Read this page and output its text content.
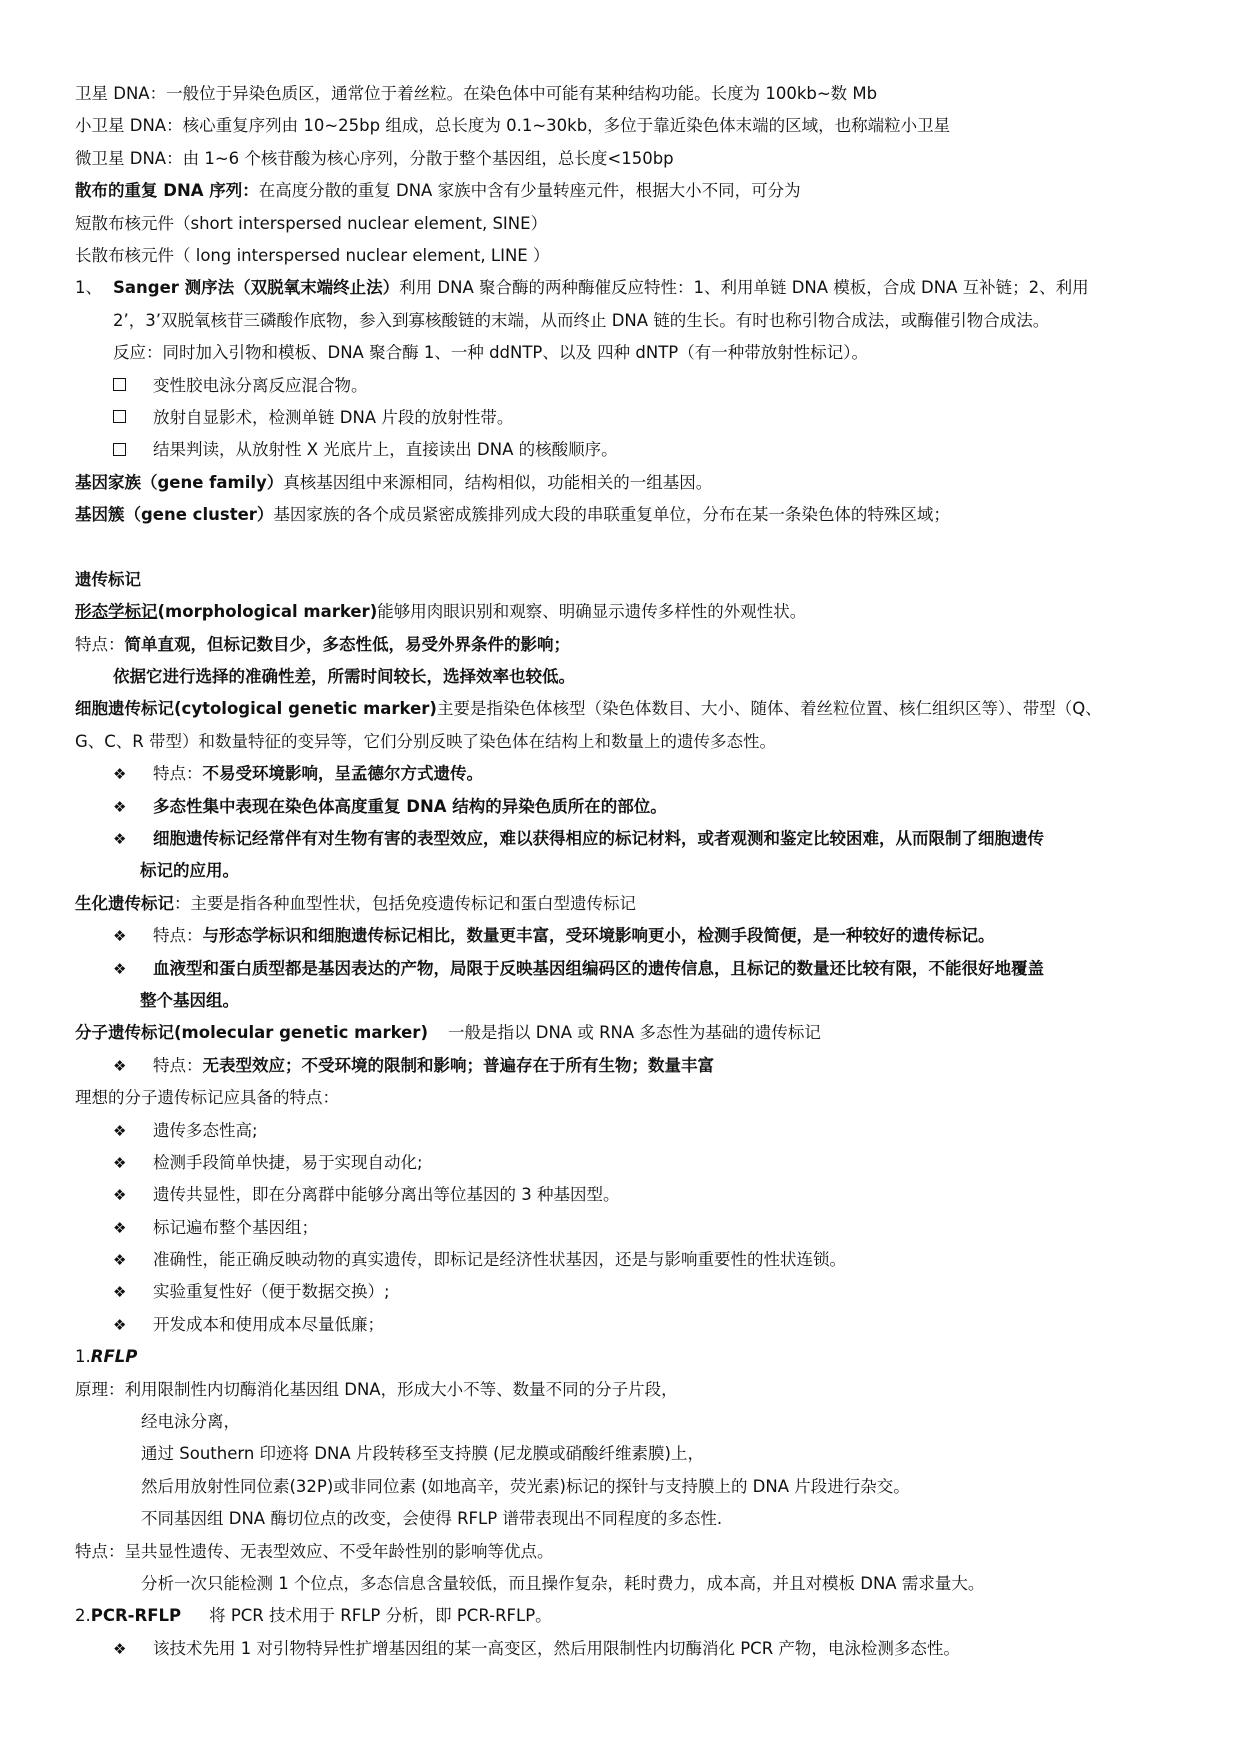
卫星 DNA：一般位于异染色质区，通常位于着丝粒。在染色体中可能有某种结构功能。长度为 100kb~数 Mb
小卫星 DNA：核心重复序列由 10~25bp 组成，总长度为 0.1~30kb，多位于靠近染色体末端的区域，也称端粒小卫星
微卫星 DNA：由 1~6 个核苷酸为核心序列，分散于整个基因组，总长度<150bp
散布的重复 DNA 序列：在高度分散的重复 DNA 家族中含有少量转座元件，根据大小不同，可分为
短散布核元件（short interspersed nuclear element, SINE）
长散布核元件（ long interspersed nuclear element, LINE ）
1、 Sanger 测序法（双脱氧末端终止法）利用 DNA 聚合酶的两种酶催反应特性：1、利用单链 DNA 模板，合成 DNA 互补链；2、利用
2’，3’双脱氧核苷三磷酸作底物，参入到寡核酸链的末端，从而终止 DNA 链的生长。有时也称引物合成法，或酶催引物合成法。
反应：同时加入引物和模板、DNA 聚合酶 1、一种 ddNTP、以及 四种 dNTP（有一种带放射性标记）。
变性胶电泳分离反应混合物。
放射自显影术，检测单链 DNA 片段的放射性带。
结果判读，从放射性 X 光底片上，直接读出 DNA 的核酸顺序。
基因家族（gene family）真核基因组中来源相同，结构相似，功能相关的一组基因。
基因簇（gene cluster）基因家族的各个成员紧密成簇排列成大段的串联重复单位，分布在某一条染色体的特殊区域；
遗传标记
形态学标记(morphological marker)能够用肉眼识别和观察、明确显示遗传多样性的外观性状。
特点：简单直观，但标记数目少，多态性低，易受外界条件的影响；
依据它进行选择的准确性差，所需时间较长，选择效率也较低。
细胞遗传标记(cytological genetic marker)主要是指染色体核型（染色体数目、大小、随体、着丝粒位置、核仁组织区等）、带型（Q、
G、C、R 带型）和数量特征的变异等，它们分别反映了染色体在结构上和数量上的遗传多态性。
❖ 特点：不易受环境影响，呈孟德尔方式遗传。
❖ 多态性集中表现在染色体高度重复 DNA 结构的异染色质所在的部位。
❖ 细胞遗传标记经常伴有对生物有害的表型效应，难以获得相应的标记材料，或者观测和鉴定比较困难，从而限制了细胞遗传
标记的应用。
生化遗传标记：主要是指各种血型性状，包括免疫遗传标记和蛋白型遗传标记
❖ 特点：与形态学标识和细胞遗传标记相比，数量更丰富，受环境影响更小，检测手段简便，是一种较好的遗传标记。
❖ 血液型和蛋白质型都是基因表达的产物，局限于反映基因组编码区的遗传信息，且标记的数量还比较有限，不能很好地覆盖
整个基因组。
分子遗传标记(molecular genetic marker) 一般是指以 DNA 或 RNA 多态性为基础的遗传标记
❖ 特点：无表型效应；不受环境的限制和影响；普遍存在于所有生物；数量丰富
理想的分子遗传标记应具备的特点：
❖ 遗传多态性高;
❖ 检测手段简单快捷，易于实现自动化;
❖ 遗传共显性，即在分离群中能够分离出等位基因的 3 种基因型。
❖ 标记遍布整个基因组；
❖ 准确性，能正确反映动物的真实遗传，即标记是经济性状基因，还是与影响重要性的性状连锁。
❖ 实验重复性好（便于数据交换）;
❖ 开发成本和使用成本尽量低廉；
1.RFLP
原理：利用限制性内切酶消化基因组 DNA，形成大小不等、数量不同的分子片段，
经电泳分离，
通过 Southern 印迹将 DNA 片段转移至支持膜 (尼龙膜或硝酸纤维素膜)上，
然后用放射性同位素(32P)或非同位素 (如地高辛，荧光素)标记的探针与支持膜上的 DNA 片段进行杂交。
不同基因组 DNA 酶切位点的改变，会使得 RFLP 谱带表现出不同程度的多态性.
特点：呈共显性遗传、无表型效应、不受年龄性别的影响等优点。
分析一次只能检测 1 个位点，多态信息含量较低，而且操作复杂，耗时费力，成本高，并且对模板 DNA 需求量大。
2.PCR-RFLP 将 PCR 技术用于 RFLP 分析，即 PCR-RFLP。
❖ 该技术先用 1 对引物特异性扩增基因组的某一高变区，然后用限制性内切酶消化 PCR 产物，电泳检测多态性。
